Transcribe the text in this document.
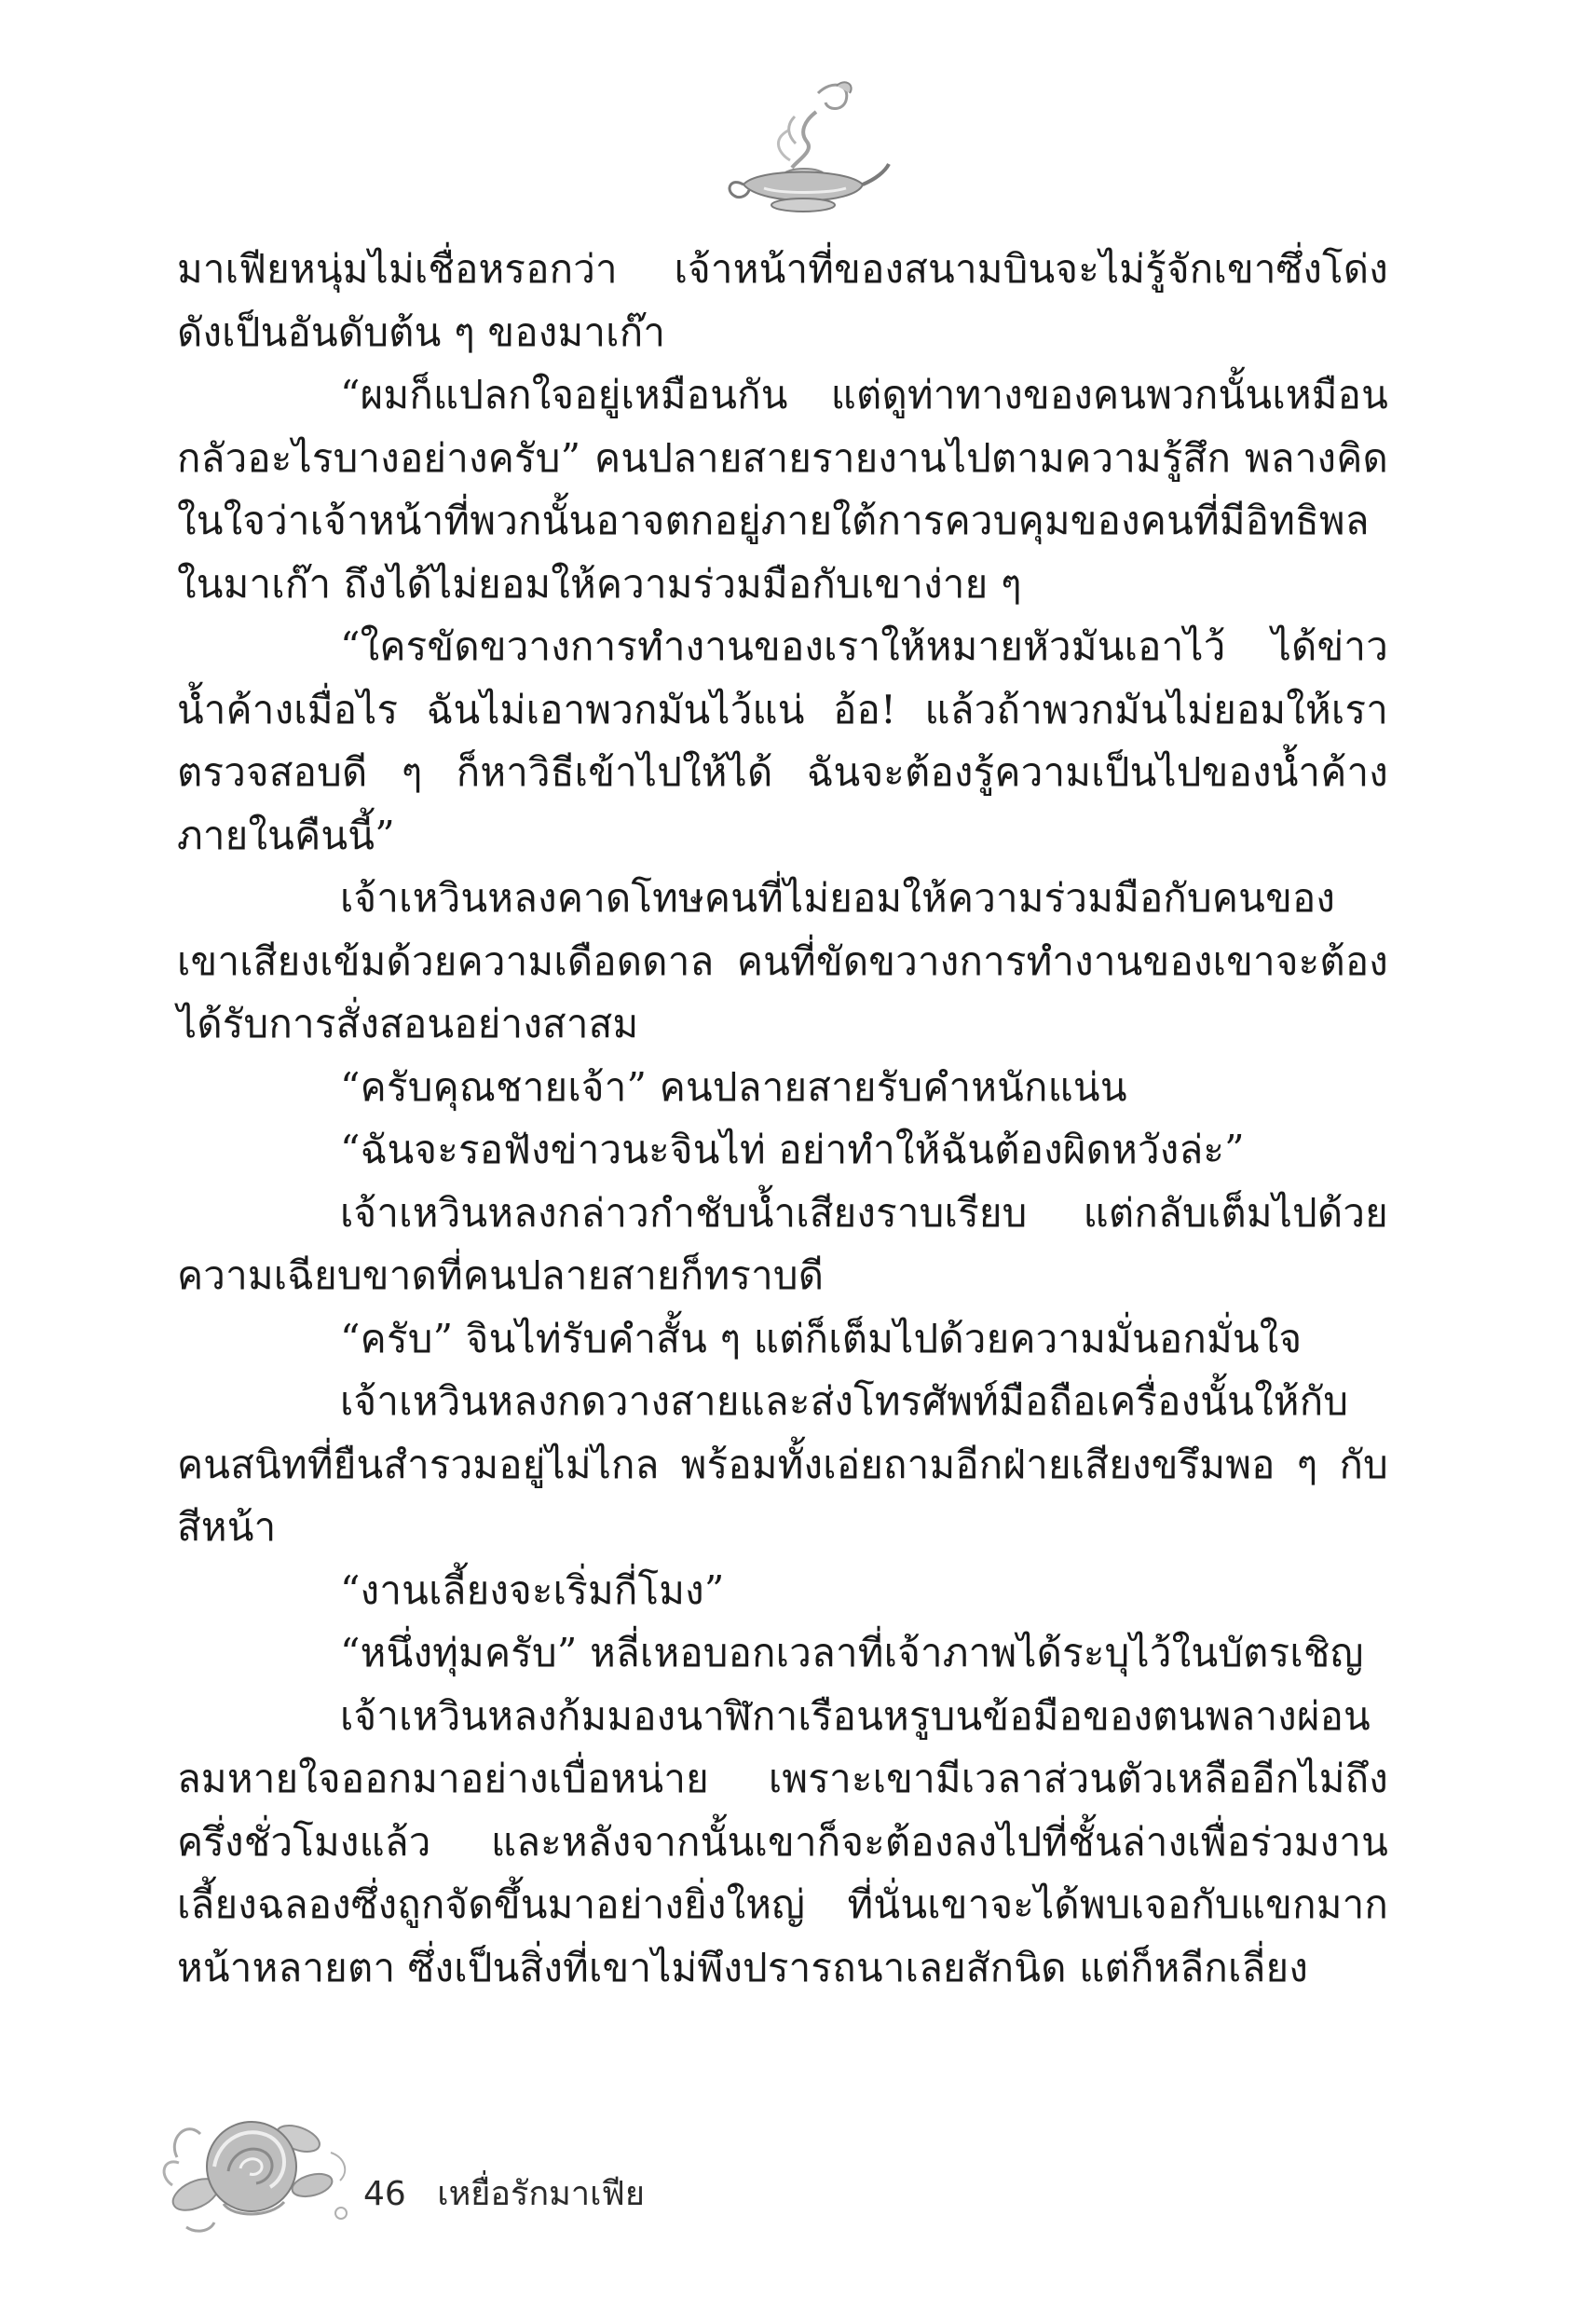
มาเฟียหนุ่มไม่เชื่อหรอกว่า เจ้าหน้าที่ของสนามบินจะไม่รู้จักเขาซึ่งโด่งดังเป็นอันดับต้น ๆ ของมาเก๊า

“ผมก็แปลกใจอยู่เหมือนกัน แต่ดูท่าทางของคนพวกนั้นเหมือนกลัวอะไรบางอย่างครับ” คนปลายสายรายงานไปตามความรู้สึก พลางคิดในใจว่าเจ้าหน้าที่พวกนั้นอาจตกอยู่ภายใต้การควบคุมของคนที่มีอิทธิพลในมาเก๊า ถึงได้ไม่ยอมให้ความร่วมมือกับเขาง่าย ๆ

“ใครขัดขวางการทำงานของเราให้หมายหัวมันเอาไว้ ได้ข่าวน้ำค้างเมื่อไร ฉันไม่เอาพวกมันไว้แน่ อ้อ! แล้วถ้าพวกมันไม่ยอมให้เราตรวจสอบดี ๆ ก็หาวิธีเข้าไปให้ได้ ฉันจะต้องรู้ความเป็นไปของน้ำค้างภายในคืนนี้”

เจ้าเหวินหลงคาดโทษคนที่ไม่ยอมให้ความร่วมมือกับคนของเขาเสียงเข้มด้วยความเดือดดาล คนที่ขัดขวางการทำงานของเขาจะต้องได้รับการสั่งสอนอย่างสาสม

“ครับคุณชายเจ้า” คนปลายสายรับคำหนักแน่น

“ฉันจะรอฟังข่าวนะจินไท่ อย่าทำให้ฉันต้องผิดหวังล่ะ”

เจ้าเหวินหลงกล่าวกำชับน้ำเสียงราบเรียบ แต่กลับเต็มไปด้วยความเฉียบขาดที่คนปลายสายก็ทราบดี

“ครับ” จินไท่รับคำสั้น ๆ แต่ก็เต็มไปด้วยความมั่นอกมั่นใจ

เจ้าเหวินหลงกดวางสายและส่งโทรศัพท์มือถือเครื่องนั้นให้กับคนสนิทที่ยืนสำรวมอยู่ไม่ไกล พร้อมทั้งเอ่ยถามอีกฝ่ายเสียงขรึมพอ ๆ กับสีหน้า

“งานเลี้ยงจะเริ่มกี่โมง”

“หนึ่งทุ่มครับ” หลี่เหอบอกเวลาที่เจ้าภาพได้ระบุไว้ในบัตรเชิญ

เจ้าเหวินหลงก้มมองนาฬิกาเรือนหรูบนข้อมือของตนพลางผ่อนลมหายใจออกมาอย่างเบื่อหน่าย เพราะเขามีเวลาส่วนตัวเหลืออีกไม่ถึงครึ่งชั่วโมงแล้ว และหลังจากนั้นเขาก็จะต้องลงไปที่ชั้นล่างเพื่อร่วมงานเลี้ยงฉลองซึ่งถูกจัดขึ้นมาอย่างยิ่งใหญ่ ที่นั่นเขาจะได้พบเจอกับแขกมากหน้าหลายตา ซึ่งเป็นสิ่งที่เขาไม่พึงปรารถนาเลยสักนิด แต่ก็หลีกเลี่ยง

46 เหยื่อรักมาเฟีย
